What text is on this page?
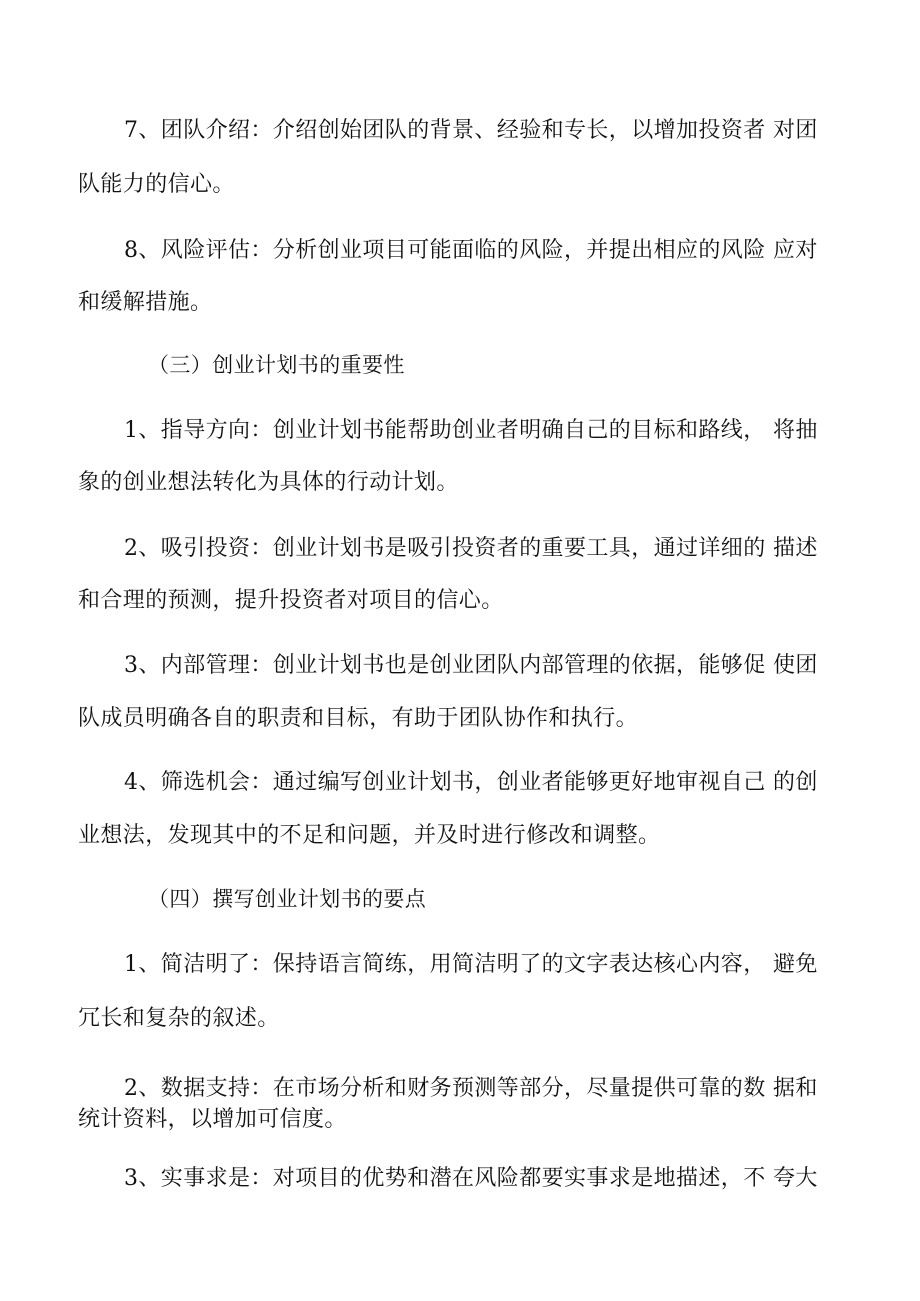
7、团队介绍：介绍创始团队的背景、经验和专长，以增加投资者 对团
队能力的信心。
8、风险评估：分析创业项目可能面临的风险，并提出相应的风险 应对
和缓解措施。
（三）创业计划书的重要性
1、指导方向：创业计划书能帮助创业者明确自己的目标和路线， 将抽
象的创业想法转化为具体的行动计划。
2、吸引投资：创业计划书是吸引投资者的重要工具，通过详细的 描述
和合理的预测，提升投资者对项目的信心。
3、内部管理：创业计划书也是创业团队内部管理的依据，能够促 使团
队成员明确各自的职责和目标，有助于团队协作和执行。
4、筛选机会：通过编写创业计划书，创业者能够更好地审视自己 的创
业想法，发现其中的不足和问题，并及时进行修改和调整。
（四）撰写创业计划书的要点
1、简洁明了：保持语言简练，用简洁明了的文字表达核心内容， 避免
冗长和复杂的叙述。
2、数据支持：在市场分析和财务预测等部分，尽量提供可靠的数 据和
统计资料，以增加可信度。
3、实事求是：对项目的优势和潜在风险都要实事求是地描述，不 夸大
